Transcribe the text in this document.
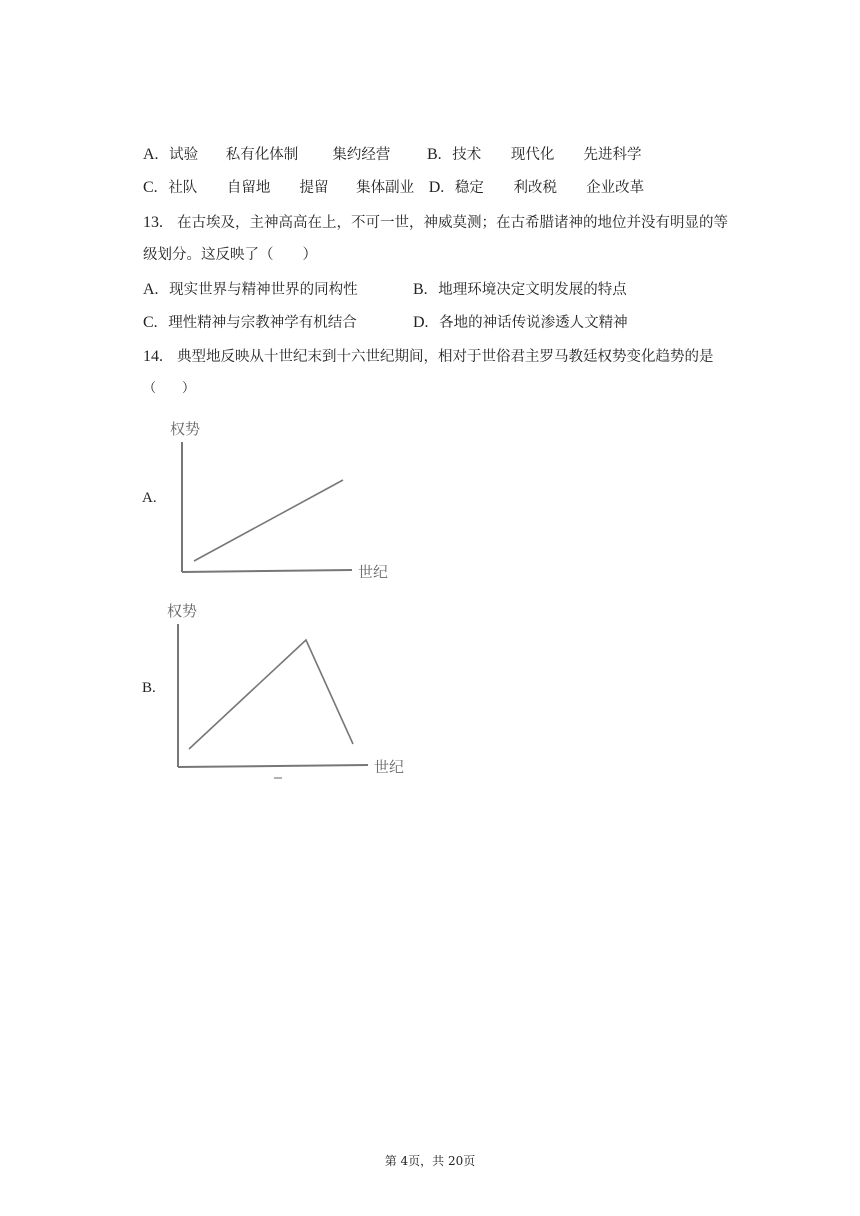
A. 试验 私有化体制 集约经营 B. 技术 现代化 先进科学
C. 社队 自留地 提留 集体副业 D. 稳定 利改税 企业改革
13. 在古埃及，主神高高在上，不可一世，神威莫测；在古希腊诸神的地位并没有明显的等
级划分。这反映了（　　）
A. 现实世界与精神世界的同构性	B. 地理环境决定文明发展的特点
C. 理性精神与宗教神学有机结合	D. 各地的神话传说渗透人文精神
14. 典型地反映从十世纪末到十六世纪期间，相对于世俗君主罗马教廷权势变化趋势的是
（　　）
A.
权势
世纪
B.
权势
世纪
第 4页，共 20页
